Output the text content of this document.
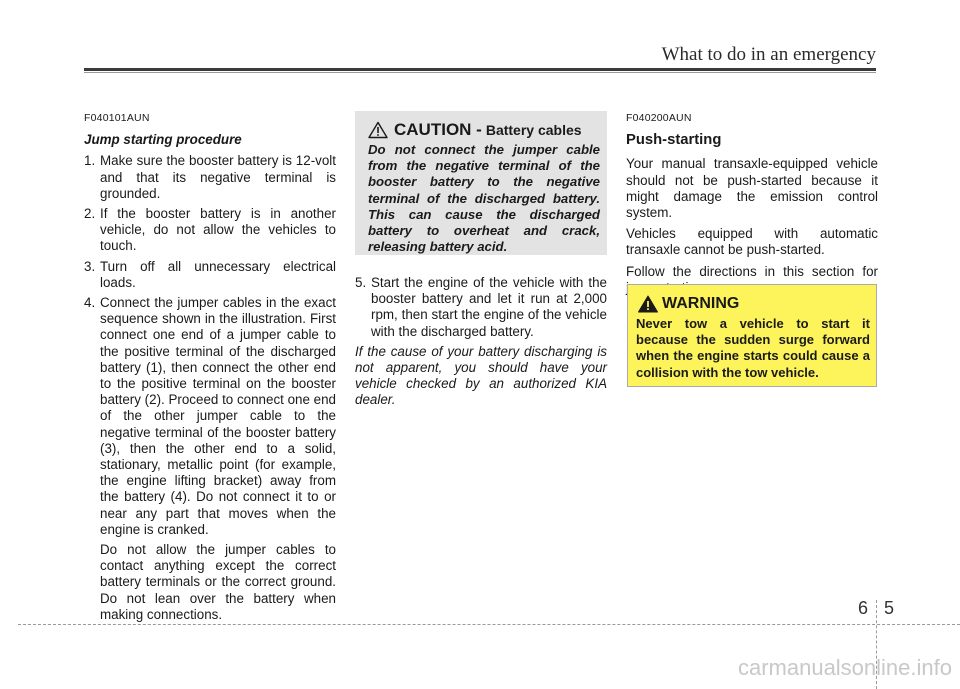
What to do in an emergency
F040101AUN
Jump starting procedure
1. Make sure the booster battery is 12-volt and that its negative terminal is grounded.
2. If the booster battery is in another vehicle, do not allow the vehicles to touch.
3. Turn off all unnecessary electrical loads.
4. Connect the jumper cables in the exact sequence shown in the illustration. First connect one end of a jumper cable to the positive terminal of the discharged battery (1), then connect the other end to the positive terminal on the booster battery (2). Proceed to connect one end of the other jumper cable to the negative terminal of the booster battery (3), then the other end to a solid, stationary, metallic point (for example, the engine lifting bracket) away from the battery (4). Do not connect it to or near any part that moves when the engine is cranked.
Do not allow the jumper cables to contact anything except the correct battery terminals or the correct ground. Do not lean over the battery when making connections.
CAUTION - Battery cables
Do not connect the jumper cable from the negative terminal of the booster battery to the negative terminal of the discharged battery. This can cause the discharged battery to overheat and crack, releasing battery acid.
5. Start the engine of the vehicle with the booster battery and let it run at 2,000 rpm, then start the engine of the vehicle with the discharged battery.
If the cause of your battery discharging is not apparent, you should have your vehicle checked by an authorized KIA dealer.
F040200AUN
Push-starting
Your manual transaxle-equipped vehicle should not be push-started because it might damage the emission control system.
Vehicles equipped with automatic transaxle cannot be push-started.
Follow the directions in this section for
WARNING
Never tow a vehicle to start it because the sudden surge forward when the engine starts could cause a collision with the tow vehicle.
6 5
carmanualsonline.info
